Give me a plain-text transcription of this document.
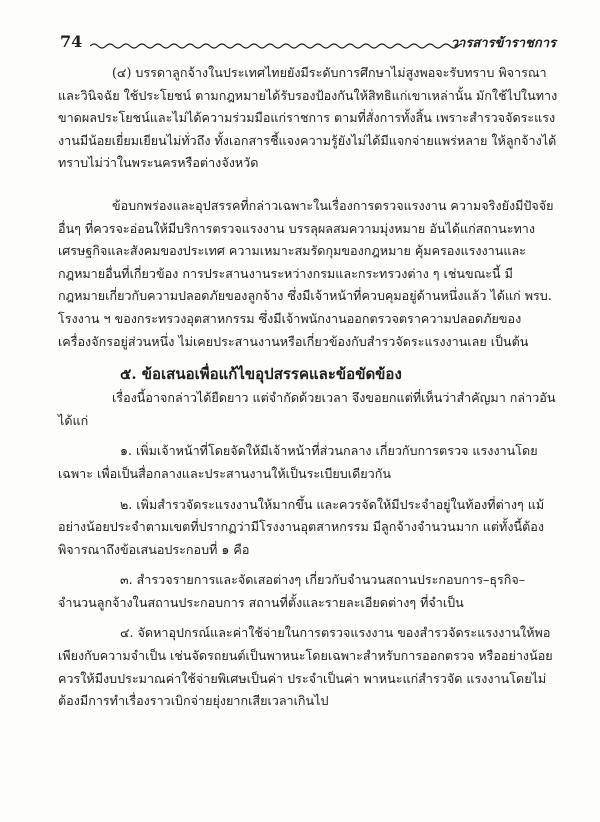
74	วารสารข้าราชการ

(๔) บรรดาลูกจ้างในประเทศไทยยังมีระดับการศึกษาไม่สูงพอจะรับทราบ พิจารณาและวินิจฉัย ใช้ประโยชน์ ตามกฎหมายได้รับรองป้องกันให้สิทธิแก่เขาเหล่านั้น มักใช้ไปในทางขาดผลประโยชน์และไม่ได้ความร่วมมือแก่ราชการ ตามที่สั่งการทั้งสิ้น เพราะสำรวจจัดระแรงงานมีน้อยเยี่ยมเยียนไม่ทั่วถึง ทั้งเอกสารชี้แจงความรู้ยังไม่ได้มีแจกจ่ายแพร่หลาย ให้ลูกจ้างได้ทราบไม่ว่าในพระนครหรือต่างจังหวัด

ข้อบกพร่องและอุปสรรคที่กล่าวเฉพาะในเรื่องการตรวจแรงงาน ความจริงยังมีปัจจัยอื่นๆ ที่ควรจะอ่อนให้มีบริการตรวจแรงงาน บรรลุผลสมความมุ่งหมาย อันได้แก่สถานะทางเศรษฐกิจและสังคมของประเทศ ความเหมาะสมรัดกุมของกฎหมาย คุ้มครองแรงงานและกฎหมายอื่นที่เกี่ยวข้อง การประสานงานระหว่างกรมและกระทรวงต่าง ๆ เช่นขณะนี้ มีกฎหมายเกี่ยวกับความปลอดภัยของลูกจ้าง ซึ่งมีเจ้าหน้าที่ควบคุมอยู่ด้านหนึ่งแล้ว ได้แก่ พรบ. โรงงาน ฯ ของกระทรวงอุตสาหกรรม ซึ่งมีเจ้าพนักงานออกตรวจตราความปลอดภัยของเครื่องจักรอยู่ส่วนหนึ่ง ไม่เคยประสานงานหรือเกี่ยวข้องกับสำรวจัดระแรงงานเลย เป็นต้น

๕. ข้อเสนอเพื่อแก้ไขอุปสรรคและข้อขัดข้อง

เรื่องนี้อาจกล่าวได้ยืดยาว แต่จำกัดด้วยเวลา จึงขอยกแต่ที่เห็นว่าสำคัญมา กล่าวอันได้แก่

๑. เพิ่มเจ้าหน้าที่โดยจัดให้มีเจ้าหน้าที่ส่วนกลาง เกี่ยวกับการตรวจ แรงงานโดยเฉพาะ เพื่อเป็นสื่อกลางและประสานงานให้เป็นระเบียบเดียวกัน

๒. เพิ่มสำรวจัดระแรงงานให้มากขึ้น และควรจัดให้มีประจำอยู่ในท้องที่ต่างๆ แม้อย่างน้อยประจำตามเขตที่ปรากฏว่ามีโรงงานอุตสาหกรรม มีลูกจ้างจำนวนมาก แต่ทั้งนี้ต้องพิจารณาถึงข้อเสนอประกอบที่ ๑ คือ

๓. สำรวจรายการและจัดเสอต่างๆ เกี่ยวกับจำนวนสถานประกอบการ–ธุรกิจ–จำนวนลูกจ้างในสถานประกอบการ สถานที่ตั้งและรายละเอียดต่างๆ ที่จำเป็น

๔. จัดหาอุปกรณ์และค่าใช้จ่ายในการตรวจแรงงาน ของสำรวจัดระแรงงานให้พอเพียงกับความจำเป็น เช่นจัดรถยนต์เป็นพาหนะโดยเฉพาะสำหรับการออกตรวจ หรืออย่างน้อยควรให้มีงบประมาณค่าใช้จ่ายพิเศษเป็นค่า ประจำเป็นค่า พาหนะแก่สำรวจัด แรงงานโดยไม่ต้องมีการทำเรื่องราวเบิกจ่ายยุ่งยากเสียเวลาเกินไป
